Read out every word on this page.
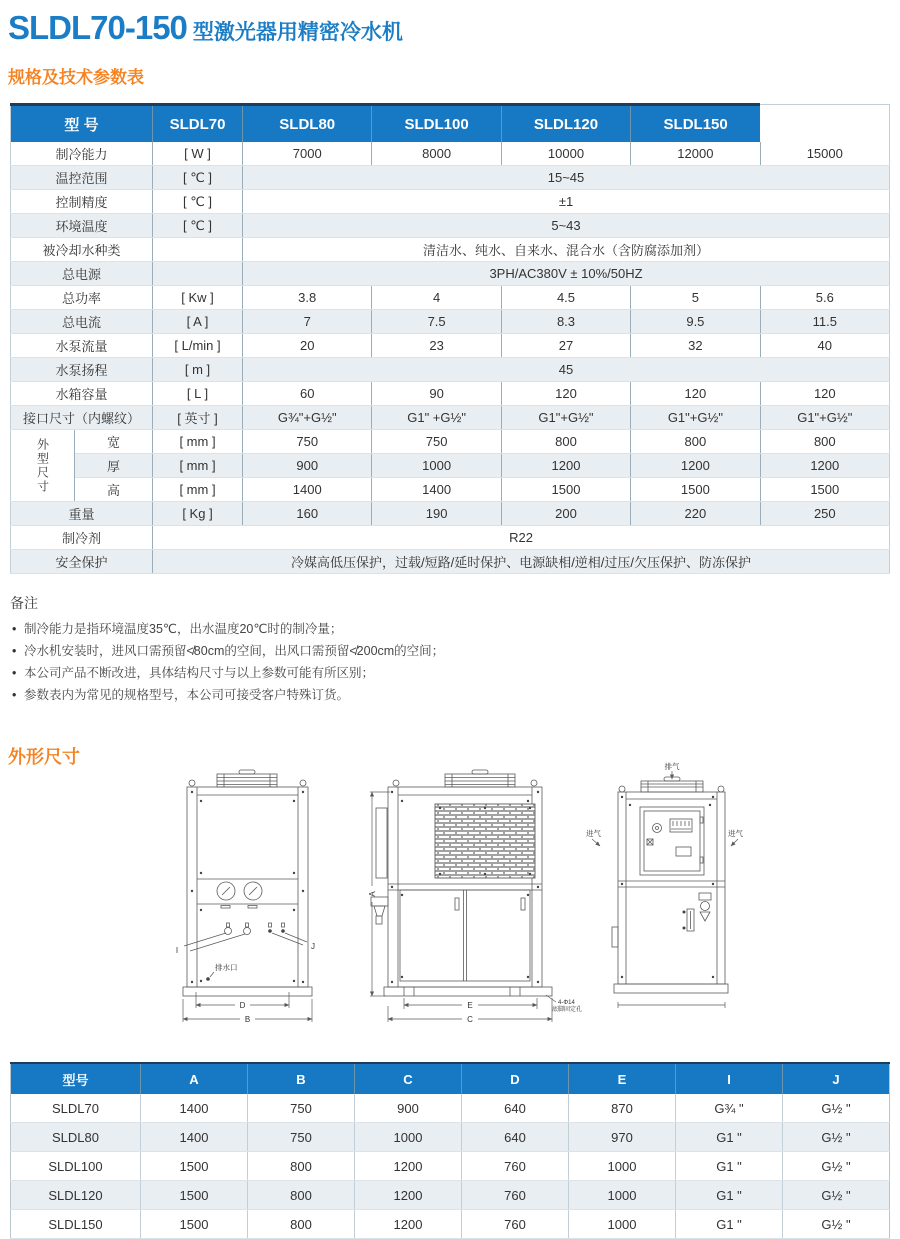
SLDL70-150 型激光器用精密冷水机
规格及技术参数表
型 号		SLDL70	SLDL80	SLDL100	SLDL120	SLDL150	
制冷能力		[ W ]	7000	8000	10000	12000	15000
温控范围		[ ℃ ]	15~45				
控制精度		[ ℃ ]	±1				
环境温度		[ ℃ ]	5~43				
被冷却水种类			清洁水、纯水、自来水、混合水（含防腐添加剂）				
总电源			3PH/AC380V ± 10%/50HZ				
总功率		[ Kw ]	3.8	4	4.5	5	5.6
总电流		[ A ]	7	7.5	8.3	9.5	11.5
水泵流量		[ L/min ]	20	23	27	32	40
水泵扬程		[ m ]	45				
水箱容量		[ L ]	60	90	120	120	120
接口尺寸（内螺纹）		[ 英寸 ]	G¾"+G½"	G1" +G½"	G1"+G½"	G1"+G½"	G1"+G½"

外型尺寸	宽	[ mm ]	750	750	800	800	800
	厚	[ mm ]	900	1000	1200	1200	1200
	高	[ mm ]	1400	1400	1500	1500	1500
重量		[ Kg ]	160	190	200	220	250
制冷剂		R22					
安全保护		冷媒高低压保护，过载/短路/延时保护、电源缺相/逆相/过压/欠压保护、防冻保护					
备注
• 制冷能力是指环境温度35℃，出水温度20℃时的制冷量；
• 冷水机安装时，进风口需预留≮80cm的空间，出风口需预留≮200cm的空间；
• 本公司产品不断改进，具体结构尺寸与以上参数可能有所区别；
• 参数表内为常见的规格型号，本公司可接受客户特殊订货。
外形尺寸
I	J
排水口
D
B
A
E
C
4-Φ14
底脚固定孔
排气
进气	进气
型号	A	B	C	D	E	I	J
SLDL70	1400	750	900	640	870	G¾ "	G½ "
SLDL80	1400	750	1000	640	970	G1 "	G½ "
SLDL100	1500	800	1200	760	1000	G1 "	G½ "
SLDL120	1500	800	1200	760	1000	G1 "	G½ "
SLDL150	1500	800	1200	760	1000	G1 "	G½ "
